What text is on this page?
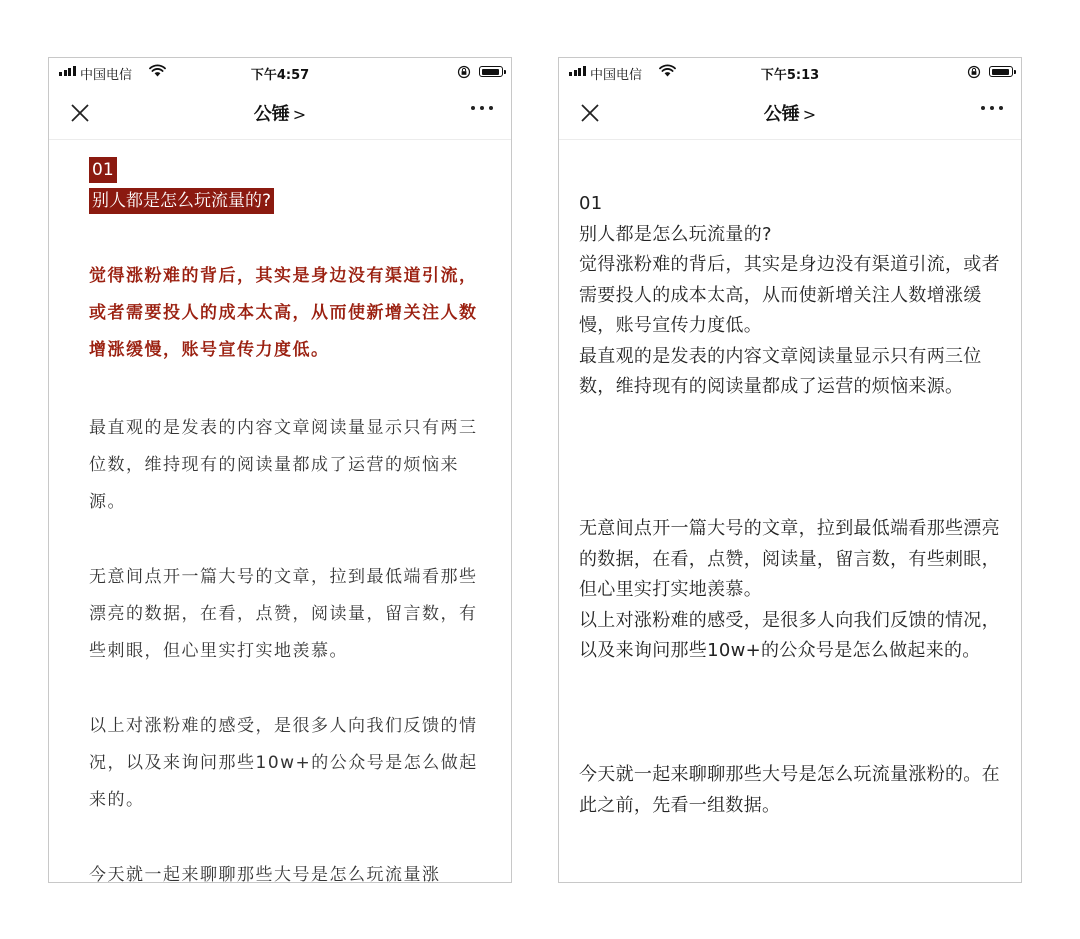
中国电信	下午4:57
公锤 >
01
别人都是怎么玩流量的?
觉得涨粉难的背后，其实是身边没有渠道引流，或者需要投人的成本太高，从而使新增关注人数增涨缓慢，账号宣传力度低。
最直观的是发表的内容文章阅读量显示只有两三位数，维持现有的阅读量都成了运营的烦恼来源。
无意间点开一篇大号的文章，拉到最低端看那些漂亮的数据，在看，点赞，阅读量，留言数，有些刺眼，但心里实打实地羡慕。
以上对涨粉难的感受，是很多人向我们反馈的情况，以及来询问那些10w+的公众号是怎么做起来的。
今天就一起来聊聊那些大号是怎么玩流量涨
中国电信	下午5:13
公锤 >
01
别人都是怎么玩流量的?
觉得涨粉难的背后，其实是身边没有渠道引流，或者需要投人的成本太高，从而使新增关注人数增涨缓慢，账号宣传力度低。
最直观的是发表的内容文章阅读量显示只有两三位数，维持现有的阅读量都成了运营的烦恼来源。
无意间点开一篇大号的文章，拉到最低端看那些漂亮的数据，在看，点赞，阅读量，留言数，有些刺眼，但心里实打实地羡慕。
以上对涨粉难的感受，是很多人向我们反馈的情况，以及来询问那些10w+的公众号是怎么做起来的。
今天就一起来聊聊那些大号是怎么玩流量涨粉的。在此之前，先看一组数据。
